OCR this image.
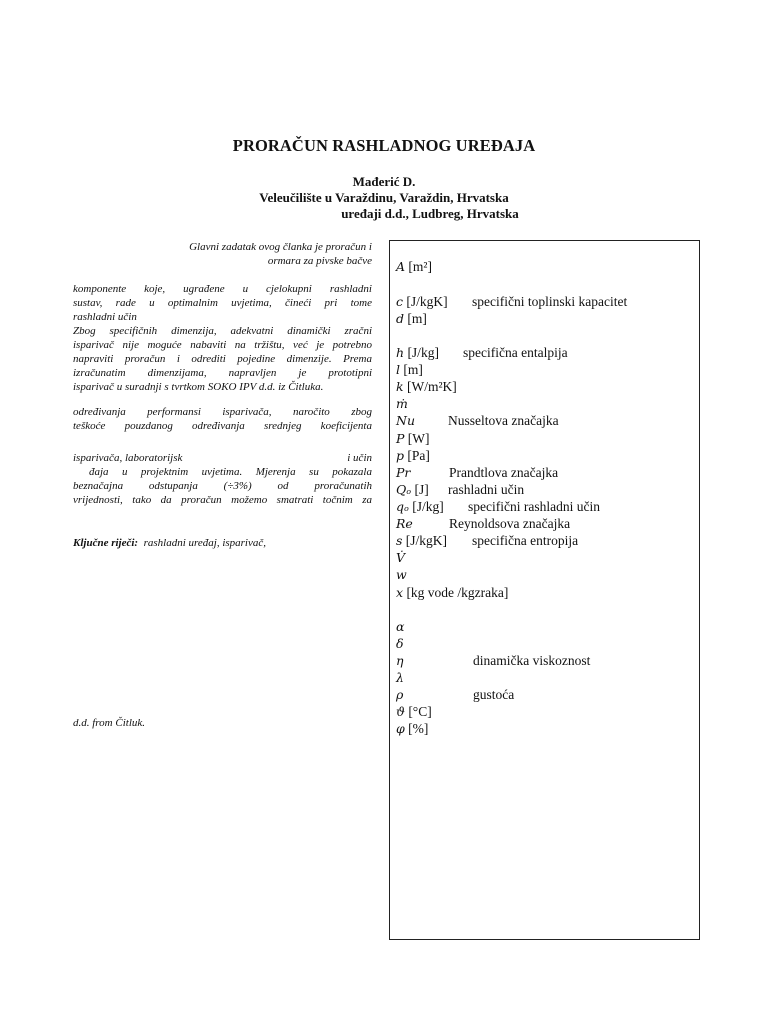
PRORAČUN RASHLADNOG UREĐAJA
Mađerić D.
Veleučilište u Varaždinu, Varaždin, Hrvatska
uređaji d.d., Ludbreg, Hrvatska
Glavni zadatak ovog članka je proračun i
ormara za pivske bačve
komponente koje, ugrađene u cjelokupni rashladni
sustav, rade u optimalnim uvjetima, čineći pri tome
rashladni učin
Zbog specifičnih dimenzija, adekvatni dinamički zračni
isparivač nije moguće nabaviti na tržištu, već je potrebno
napraviti proračun i odrediti pojedine dimenzije. Prema
izračunatim dimenzijama, napravljen je prototipni
isparivač u suradnji s tvrtkom SOKO IPV d.d. iz Čitluka.
određivanja performansi isparivača, naročito zbog
teškoće pouzdanog određivanja srednjeg koeficijenta
isparivača, laboratorijsk	i učin
đaja u projektnim uvjetima. Mjerenja su pokazala
beznačajna odstupanja (÷3%) od proračunatih
vrijednosti, tako da proračun možemo smatrati točnim za
Ključne riječi: rashladni uređaj, isparivač,
d.d. from Čitluk.
A [m²]
c [J/kgK] specifični toplinski kapacitet
d [m]
h [J/kg] specifična entalpija
l [m]
k [W/m²K]
ṁ
Nu Nusseltova značajka
P [W]
p [Pa]
Pr	Prandtlova značajka
Qₒ [J] rashladni učin
qₒ [J/kg] specifični rashladni učin
Re	Reynoldsova značajka
s [J/kgK] specifična entropija
V̇
w
x [kg vode /kgzraka]
α
δ
η	dinamička viskoznost
λ
ρ	gustoća
ϑ [°C]
φ [%]
